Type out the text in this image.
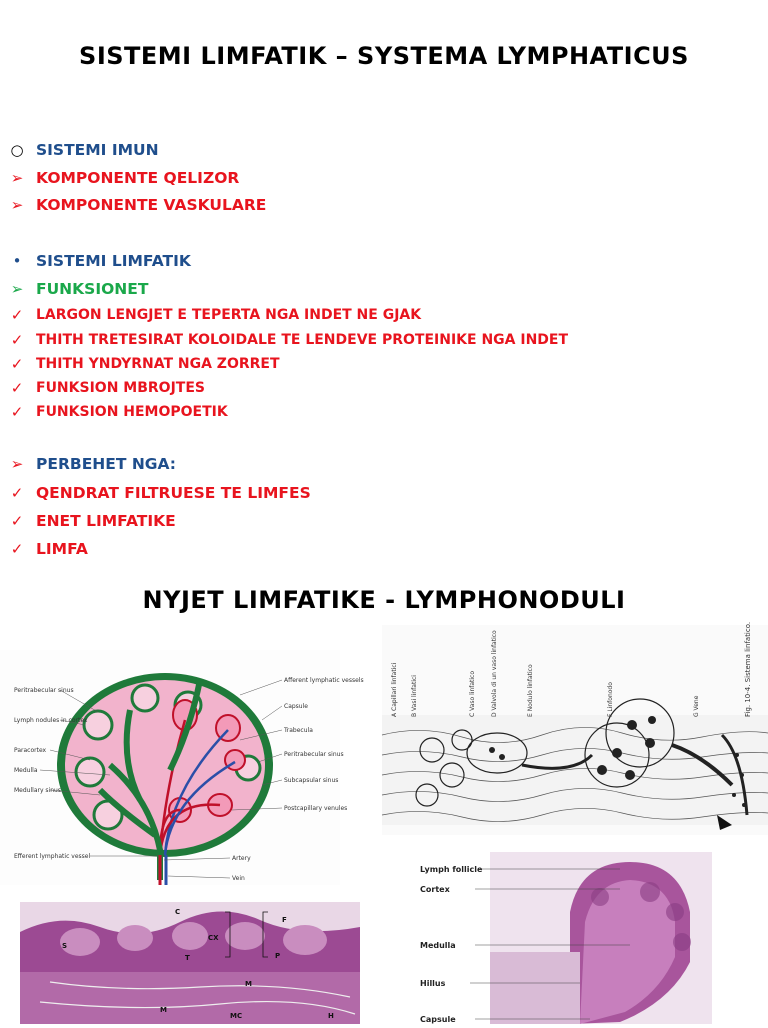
SISTEMI LIMFATIK – SYSTEMA LYMPHATICUS
○ SISTEMI IMUN
➢ KOMPONENTE QELIZOR
➢ KOMPONENTE VASKULARE
• SISTEMI LIMFATIK
➢ FUNKSIONET
✓ LARGON LENGJET E TEPERTA NGA INDET NE GJAK
✓ THITH TRETESIRAT KOLOIDALE TE LENDEVE PROTEINIKE NGA INDET
✓ THITH YNDYRNAT NGA ZORRET
✓ FUNKSION MBROJTES
✓ FUNKSION HEMOPOETIK
➢ PERBEHET NGA:
✓ QENDRAT FILTRUESE TE LIMFES
✓ ENET LIMFATIKE
✓ LIMFA
NYJET LIMFATIKE - LYMPHONODULI
Peritrabecular sinus
Lymph nodules in cortex
Paracortex
Medulla
Medullary sinus
Efferent lymphatic vessel
Afferent lymphatic vessels
Capsule
Trabecula
Peritrabecular sinus
Subcapsular sinus
Postcapillary venules
Artery
Vein
A Capillari linfatici B Vasi linfatici	C Vaso linfatico	D Valvola di un vaso linfatico	E Nodulo linfatico	F Linfonodo	G Vene	Fig. 10-4. Sistema linfatico.
Lymph follicle
Cortex
Medulla
Hillus
Capsule
C
F
CX
P
T
S
M
M
MC	H
